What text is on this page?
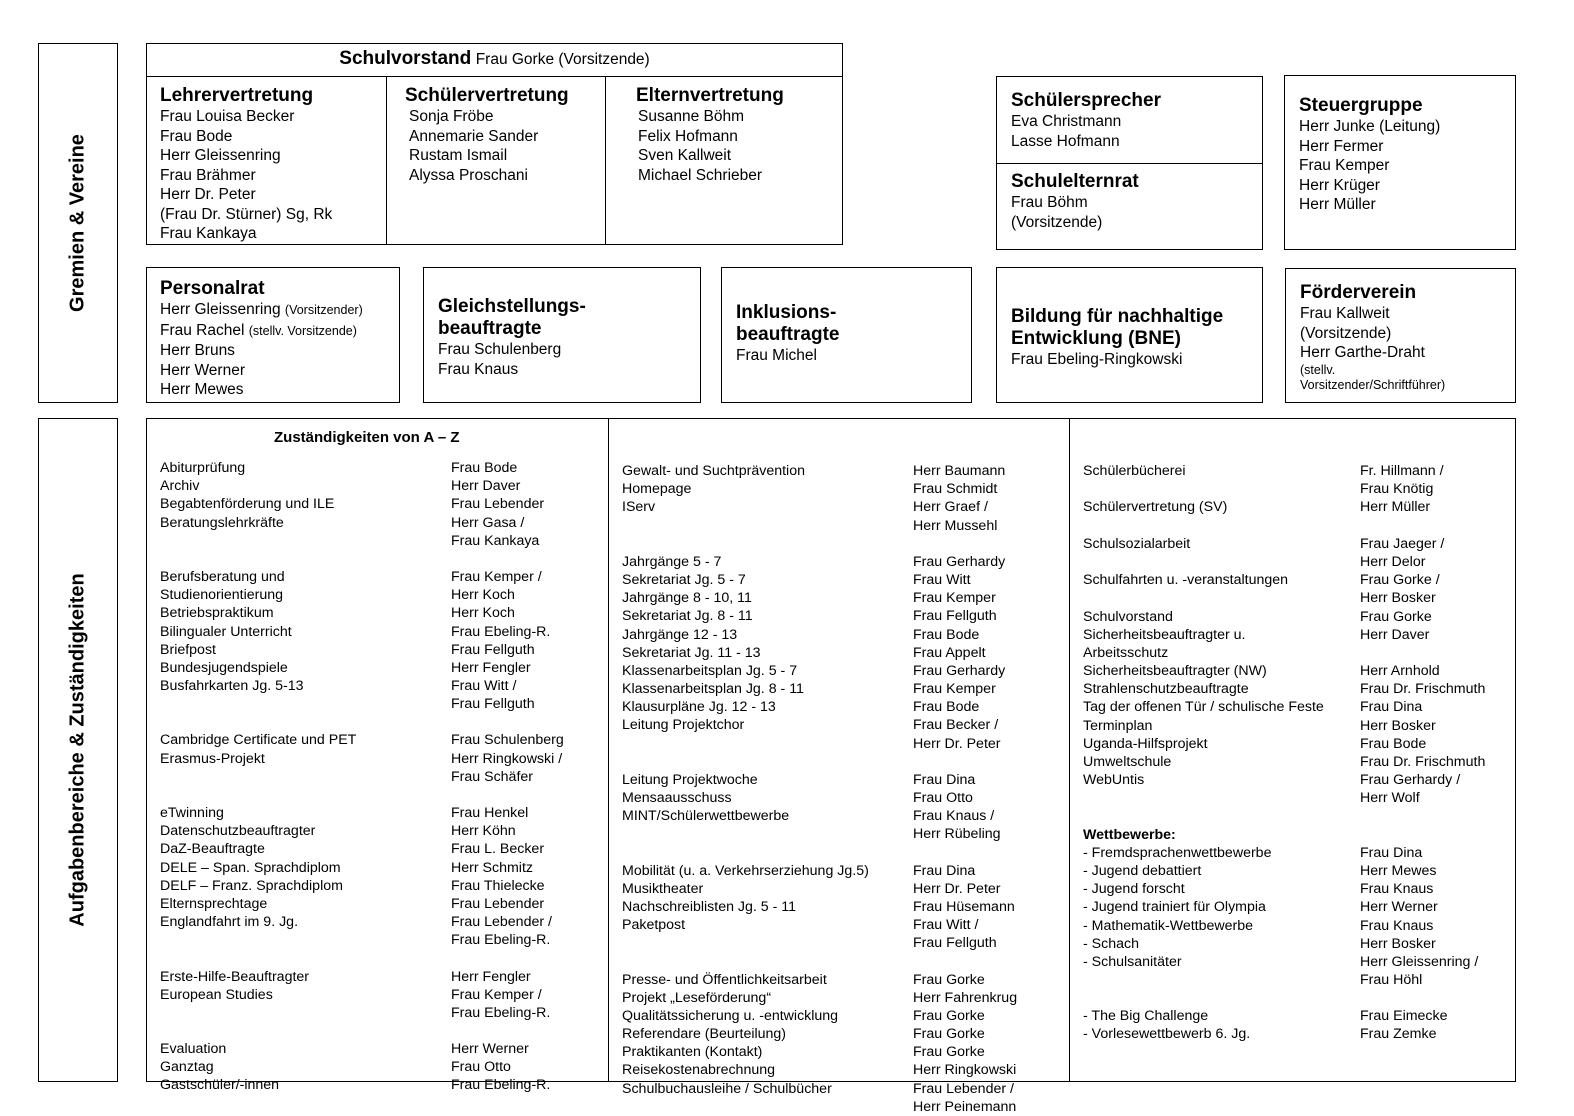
Gremien & Vereine
Aufgabenbereiche & Zuständigkeiten
Schulvorstand Frau Gorke (Vorsitzende)
Lehrervertretung
Frau Louisa Becker
Frau Bode
Herr Gleissenring
Frau Brähmer
Herr Dr. Peter
(Frau Dr. Stürner) Sg, Rk
Frau Kankaya
Schülervertretung
Sonja Fröbe
Annemarie Sander
Rustam Ismail
Alyssa Proschani
Elternvertretung
Susanne Böhm
Felix Hofmann
Sven Kallweit
Michael Schrieber
Schülersprecher
Eva Christmann
Lasse Hofmann
Schulelternrat
Frau Böhm
(Vorsitzende)
Steuergruppe
Herr Junke (Leitung)
Herr Fermer
Frau Kemper
Herr Krüger
Herr Müller
Personalrat
Herr Gleissenring (Vorsitzender)
Frau Rachel (stellv. Vorsitzende)
Herr Bruns
Herr Werner
Herr Mewes
Gleichstellungs-
beauftragte
Frau Schulenberg
Frau Knaus
Inklusions-
beauftragte
Frau Michel
Bildung für nachhaltige
Entwicklung (BNE)
Frau Ebeling-Ringkowski
Förderverein
Frau Kallweit
(Vorsitzende)
Herr Garthe-Draht
(stellv.
Vorsitzender/Schriftführer)
Zuständigkeiten von A – Z
Abiturprüfung	Frau Bode
Archiv	Herr Daver
Begabtenförderung und ILE	Frau Lebender
Beratungslehrkräfte	Herr Gasa /
Frau Kankaya
Berufsberatung und	Frau Kemper /
Studienorientierung	Herr Koch
Betriebspraktikum	Herr Koch
Bilingualer Unterricht	Frau Ebeling-R.
Briefpost	Frau Fellguth
Bundesjugendspiele	Herr Fengler
Busfahrkarten Jg. 5-13	Frau Witt /
Frau Fellguth
Cambridge Certificate und PET	Frau Schulenberg
Erasmus-Projekt	Herr Ringkowski /
Frau Schäfer
eTwinning	Frau Henkel
Datenschutzbeauftragter	Herr Köhn
DaZ-Beauftragte	Frau L. Becker
DELE – Span. Sprachdiplom	Herr Schmitz
DELF – Franz. Sprachdiplom	Frau Thielecke
Elternsprechtage	Frau Lebender
Englandfahrt im 9. Jg.	Frau Lebender /
Frau Ebeling-R.
Erste-Hilfe-Beauftragter	Herr Fengler
European Studies	Frau Kemper /
Frau Ebeling-R.
Evaluation	Herr Werner
Ganztag	Frau Otto
Gastschüler/-innen	Frau Ebeling-R.
Gewalt- und Suchtprävention	Herr Baumann
Homepage	Frau Schmidt
IServ	Herr Graef /
Herr Mussehl
Jahrgänge 5 - 7	Frau Gerhardy
Sekretariat Jg. 5 - 7	Frau Witt
Jahrgänge 8 - 10, 11	Frau Kemper
Sekretariat Jg. 8 - 11	Frau Fellguth
Jahrgänge 12 - 13	Frau Bode
Sekretariat Jg. 11 - 13	Frau Appelt
Klassenarbeitsplan Jg. 5 - 7	Frau Gerhardy
Klassenarbeitsplan Jg. 8 - 11	Frau Kemper
Klausurpläne Jg. 12 - 13	Frau Bode
Leitung Projektchor	Frau Becker /
Herr Dr. Peter
Leitung Projektwoche	Frau Dina
Mensaausschuss	Frau Otto
MINT/Schülerwettbewerbe	Frau Knaus /
Herr Rübeling
Mobilität (u. a. Verkehrserziehung Jg.5)	Frau Dina
Musiktheater	Herr Dr. Peter
Nachschreiblisten Jg. 5 - 11	Frau Hüsemann
Paketpost	Frau Witt /
Frau Fellguth
Presse- und Öffentlichkeitsarbeit	Frau Gorke
Projekt „Leseförderung“	Herr Fahrenkrug
Qualitätssicherung u. -entwicklung	Frau Gorke
Referendare (Beurteilung)	Frau Gorke
Praktikanten (Kontakt)	Frau Gorke
Reisekostenabrechnung	Herr Ringkowski
Schulbuchausleihe / Schulbücher	Frau Lebender /
Herr Peinemann
Schülerbücherei	Fr. Hillmann /
Frau Knötig
Schülervertretung (SV)	Herr Müller
Schulsozialarbeit	Frau Jaeger /
Herr Delor
Schulfahrten u. -veranstaltungen	Frau Gorke /
Herr Bosker
Schulvorstand	Frau Gorke
Sicherheitsbeauftragter u.	Herr Daver
Arbeitsschutz
Sicherheitsbeauftragter (NW)	Herr Arnhold
Strahlenschutzbeauftragte	Frau Dr. Frischmuth
Tag der offenen Tür / schulische Feste	Frau Dina
Terminplan	Herr Bosker
Uganda-Hilfsprojekt	Frau Bode
Umweltschule	Frau Dr. Frischmuth
WebUntis	Frau Gerhardy /
Herr Wolf
Wettbewerbe:
- Fremdsprachenwettbewerbe	Frau Dina
- Jugend debattiert	Herr Mewes
- Jugend forscht	Frau Knaus
- Jugend trainiert für Olympia	Herr Werner
- Mathematik-Wettbewerbe	Frau Knaus
- Schach	Herr Bosker
- Schulsanitäter	Herr Gleissenring /
Frau Höhl
- The Big Challenge	Frau Eimecke
- Vorlesewettbewerb 6. Jg.	Frau Zemke
